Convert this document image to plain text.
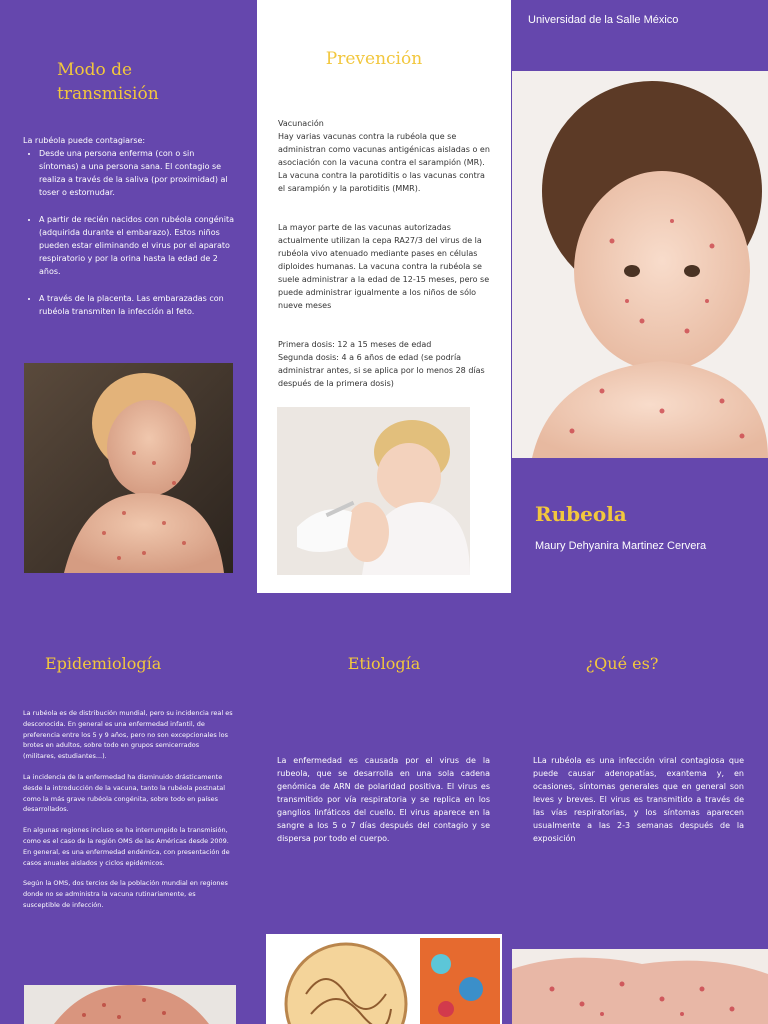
Modo de transmisión

La rubéola puede contagiarse:

• Desde una persona enferma (con o sin síntomas) a una persona sana. El contagio se realiza a través de la saliva (por proximidad) al toser o estornudar.
• A partir de recién nacidos con rubéola congénita (adquirida durante el embarazo). Estos niños pueden estar eliminando el virus por el aparato respiratorio y por la orina hasta la edad de 2 años.
• A través de la placenta. Las embarazadas con rubéola transmiten la infección al feto.
Prevención

Vacunación
Hay varias vacunas contra la rubéola que se administran como vacunas antigénicas aisladas o en asociación con la vacuna contra el sarampión (MR).
La vacuna contra la parotiditis o las vacunas contra el sarampión y la parotiditis (MMR).

La mayor parte de las vacunas autorizadas actualmente utilizan la cepa RA27/3 del virus de la rubéola vivo atenuado mediante pases en células diploides humanas. La vacuna contra la rubéola se suele administrar a la edad de 12-15 meses, pero se puede administrar igualmente a los niños de sólo nueve meses

Primera dosis: 12 a 15 meses de edad
Segunda dosis: 4 a 6 años de edad (se podría administrar antes, si se aplica por lo menos 28 días después de la primera dosis)

Universidad de la Salle México
Rubeola
Maury Dehyanira Martinez Cervera
Epidemiología

La rubéola es de distribución mundial, pero su incidencia real es desconocida. En general es una enfermedad infantil, de preferencia entre los 5 y 9 años, pero no son excepcionales los brotes en adultos, sobre todo en grupos semicerrados (militares, estudiantes...).

La incidencia de la enfermedad ha disminuido drásticamente desde la introducción de la vacuna, tanto la rubéola postnatal como la más grave rubéola congénita, sobre todo en países desarrollados.

En algunas regiones incluso se ha interrumpido la transmisión, como es el caso de la región OMS de las Américas desde 2009. En general, es una enfermedad endémica, con presentación de casos anuales aislados y ciclos epidémicos.

Según la OMS, dos tercios de la población mundial en regiones donde no se administra la vacuna rutinariamente, es susceptible de infección.

Etiología
La enfermedad es causada por el virus de la rubeola, que se desarrolla en una sola cadena genómica de ARN de polaridad positiva. El virus es transmitido por vía respiratoria y se replica en los ganglios linfáticos del cuello. El virus aparece en la sangre a los 5 o 7 días después del contagio y se dispersa por todo el cuerpo.
¿Qué es?
LLa rubéola es una infección viral contagiosa que puede causar adenopatías, exantema y, en ocasiones, síntomas generales que en general son leves y breves. El virus es transmitido a través de las vías respiratorias, y los síntomas aparecen usualmente a las 2-3 semanas después de la exposición
